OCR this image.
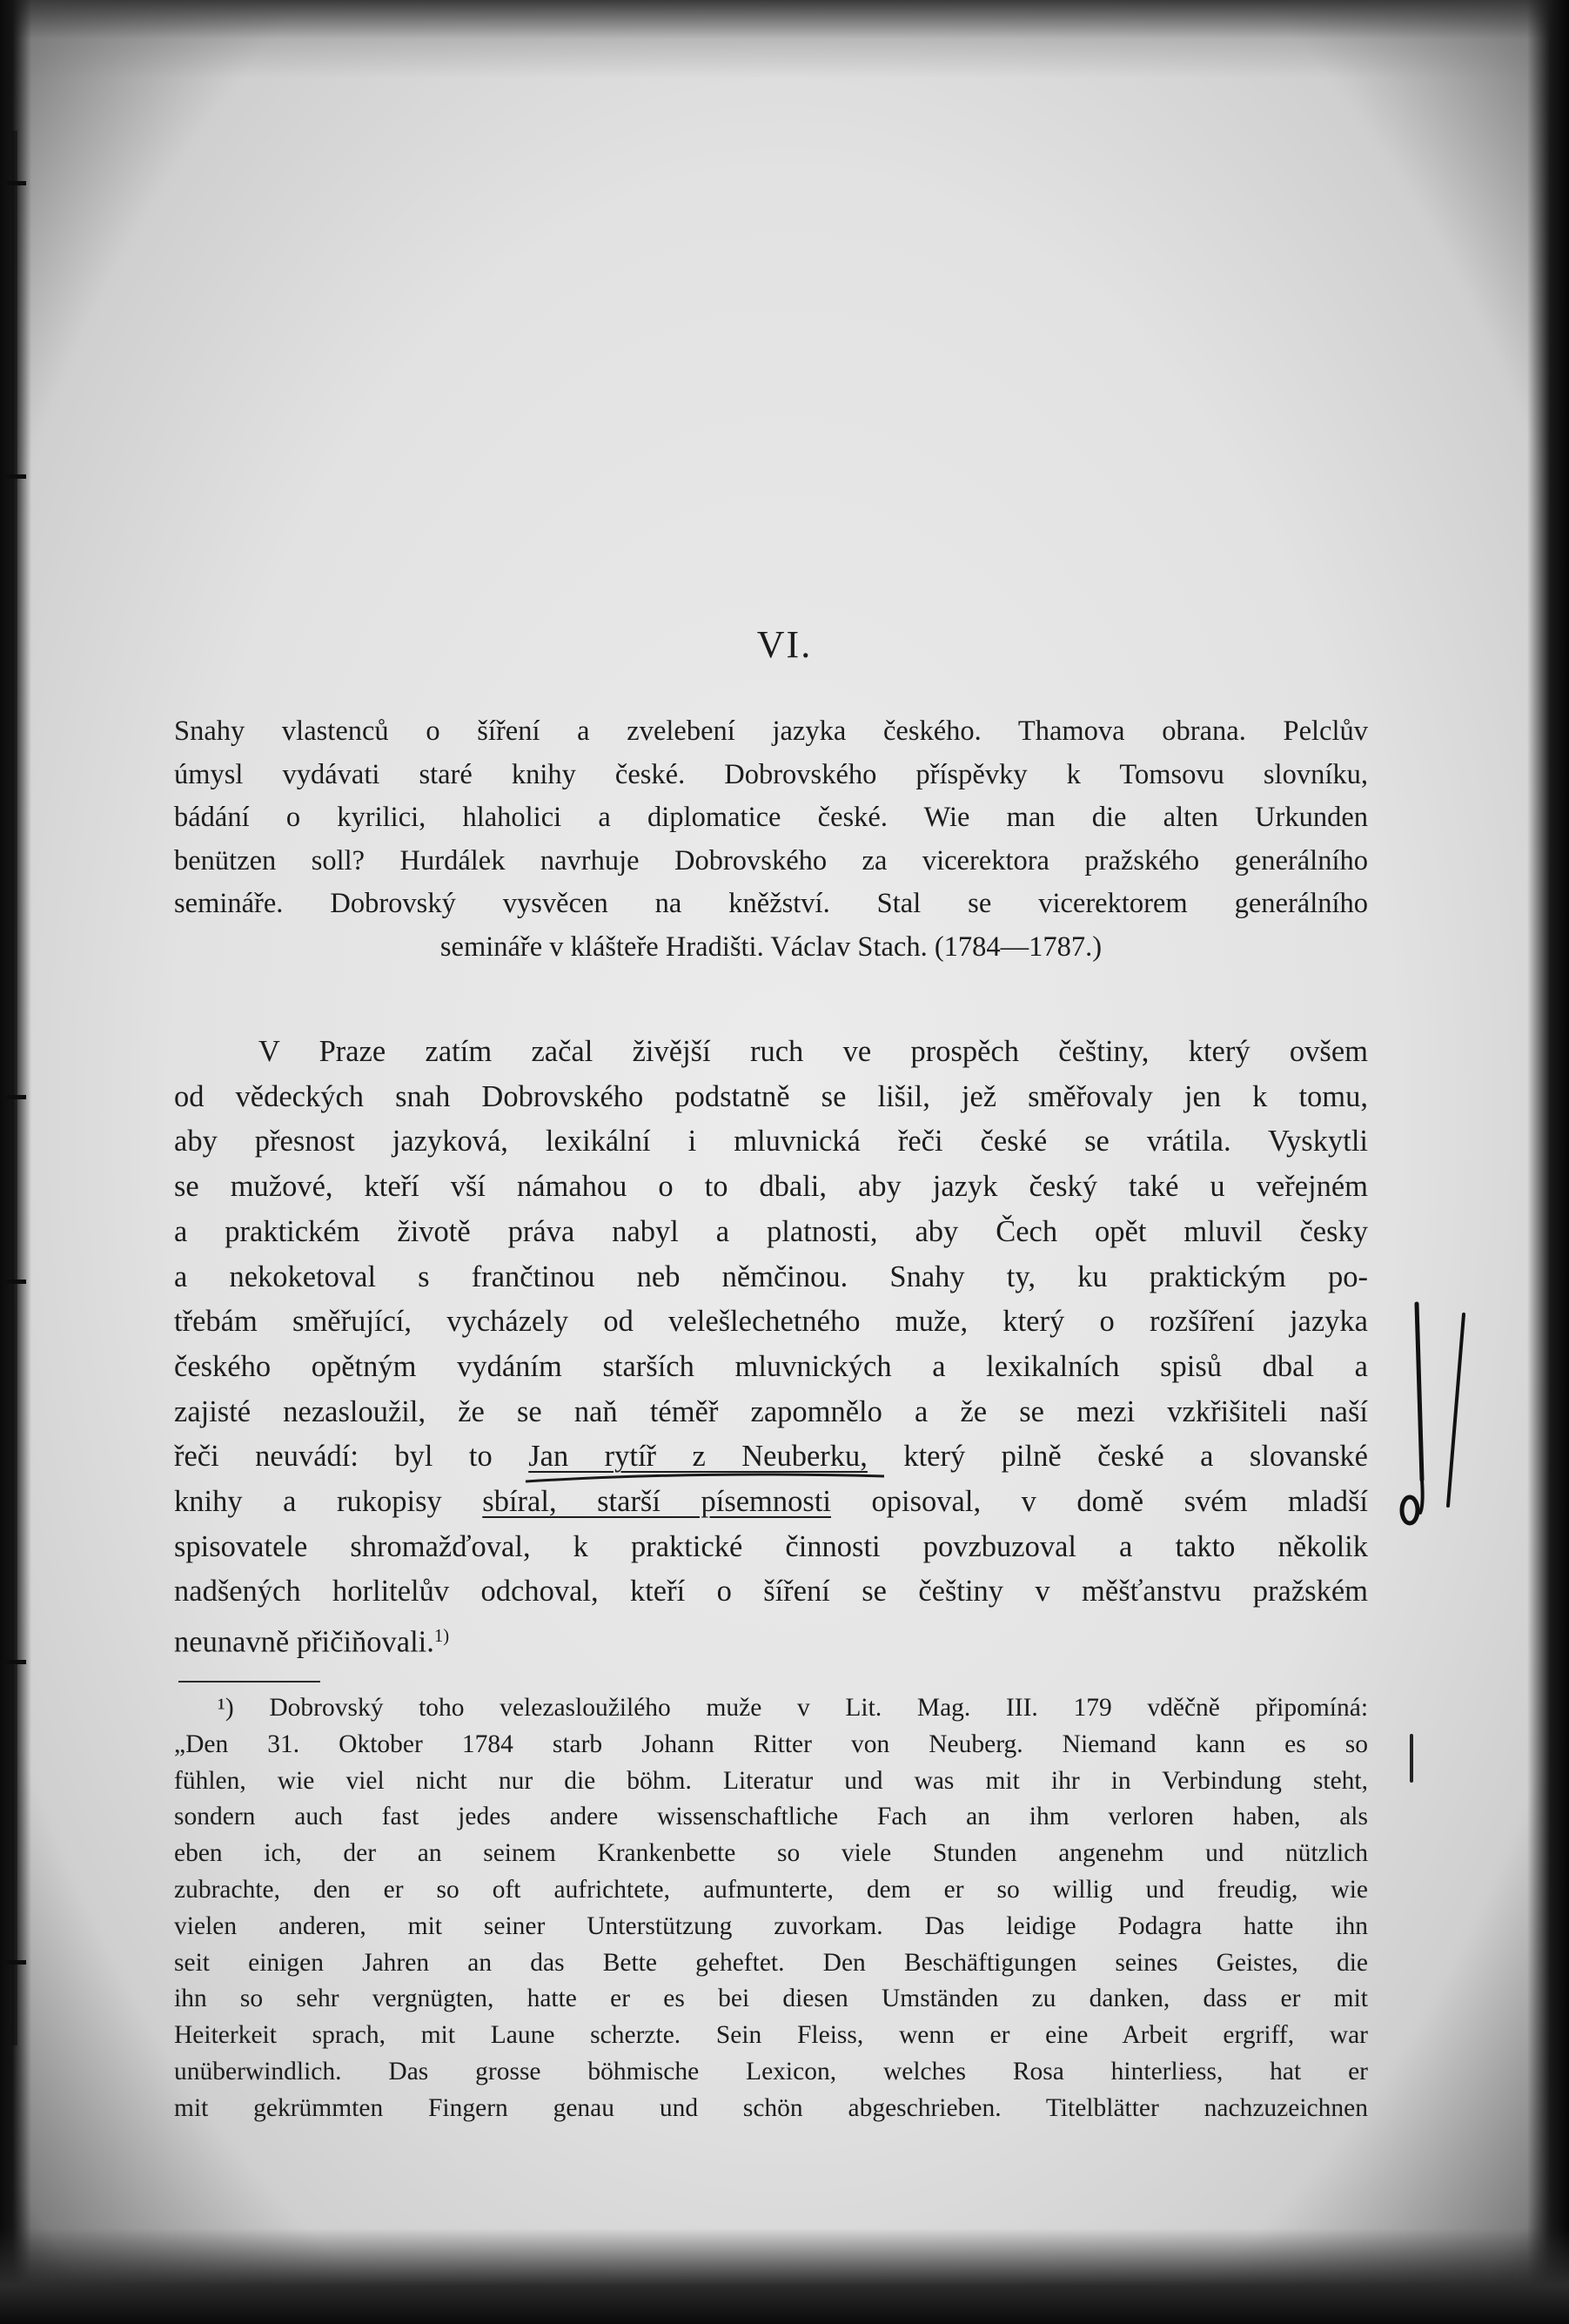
VI.
Snahy vlastenců o šíření a zvelebení jazyka českého. Thamova obrana. Pelclův
úmysl vydávati staré knihy české. Dobrovského příspěvky k Tomsovu slovníku,
bádání o kyrilici, hlaholici a diplomatice české. Wie man die alten Urkunden
benützen soll? Hurdálek navrhuje Dobrovského za vicerektora pražského generálního
semináře. Dobrovský vysvěcen na kněžství. Stal se vicerektorem generálního
semináře v klášteře Hradišti. Václav Stach. (1784—1787.)
V Praze zatím začal živější ruch ve prospěch češtiny, který ovšem
od vědeckých snah Dobrovského podstatně se lišil, jež směřovaly jen k tomu,
aby přesnost jazyková, lexikální i mluvnická řeči české se vrátila. Vyskytli
se mužové, kteří vší námahou o to dbali, aby jazyk český také u veřejném
a praktickém životě práva nabyl a platnosti, aby Čech opět mluvil česky
a nekoketoval s frančtinou neb němčinou. Snahy ty, ku praktickým po-
třebám směřující, vycházely od velešlechetného muže, který o rozšíření jazyka
českého opětným vydáním starších mluvnických a lexikalních spisů dbal a
zajisté nezasloužil, že se naň téměř zapomnělo a že se mezi vzkřišiteli naší
řeči neuvádí: byl to Jan rytíř z Neuberku, který pilně české a slovanské
knihy a rukopisy sbíral, starší písemnosti opisoval, v domě svém mladší
spisovatele shromažďoval, k praktické činnosti povzbuzoval a takto několik
nadšených horlitelův odchoval, kteří o šíření se češtiny v měšťanstvu pražském
neunavně přičiňovali.$^{1)}$
¹) Dobrovský toho velezasloužilého muže v Lit. Mag. III. 179 vděčně připomíná:
„Den 31. Oktober 1784 starb Johann Ritter von Neuberg. Niemand kann es so
fühlen, wie viel nicht nur die böhm. Literatur und was mit ihr in Verbindung steht,
sondern auch fast jedes andere wissenschaftliche Fach an ihm verloren haben, als
eben ich, der an seinem Krankenbette so viele Stunden angenehm und nützlich
zubrachte, den er so oft aufrichtete, aufmunterte, dem er so willig und freudig, wie
vielen anderen, mit seiner Unterstützung zuvorkam. Das leidige Podagra hatte ihn
seit einigen Jahren an das Bette geheftet. Den Beschäftigungen seines Geistes, die
ihn so sehr vergnügten, hatte er es bei diesen Umständen zu danken, dass er mit
Heiterkeit sprach, mit Laune scherzte. Sein Fleiss, wenn er eine Arbeit ergriff, war
unüberwindlich. Das grosse böhmische Lexicon, welches Rosa hinterliess, hat er
mit gekrümmten Fingern genau und schön abgeschrieben. Titelblätter nachzuzeichnen
